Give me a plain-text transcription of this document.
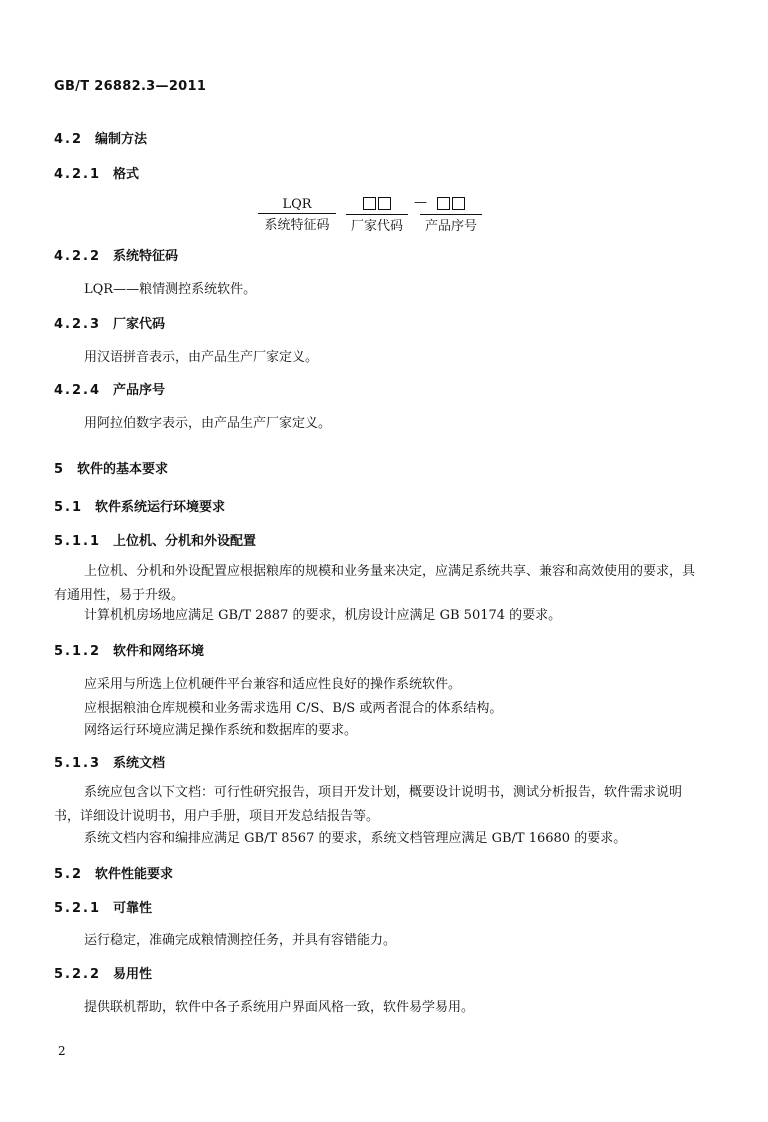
GB/T 26882.3—2011
4.2 编制方法
4.2.1 格式
LQR
系统特征码	厂家代码
—
产品序号
4.2.2 系统特征码
LQR——粮情测控系统软件。
4.2.3 厂家代码
用汉语拼音表示，由产品生产厂家定义。
4.2.4 产品序号
用阿拉伯数字表示，由产品生产厂家定义。
5 软件的基本要求
5.1 软件系统运行环境要求
5.1.1 上位机、分机和外设配置
上位机、分机和外设配置应根据粮库的规模和业务量来决定，应满足系统共享、兼容和高效使用的要求，具有通用性，易于升级。
计算机机房场地应满足 GB/T 2887 的要求，机房设计应满足 GB 50174 的要求。
5.1.2 软件和网络环境
应采用与所选上位机硬件平台兼容和适应性良好的操作系统软件。
应根据粮油仓库规模和业务需求选用 C/S、B/S 或两者混合的体系结构。
网络运行环境应满足操作系统和数据库的要求。
5.1.3 系统文档
系统应包含以下文档：可行性研究报告，项目开发计划，概要设计说明书，测试分析报告，软件需求说明书，详细设计说明书，用户手册，项目开发总结报告等。
系统文档内容和编排应满足 GB/T 8567 的要求，系统文档管理应满足 GB/T 16680 的要求。
5.2 软件性能要求
5.2.1 可靠性
运行稳定，准确完成粮情测控任务，并具有容错能力。
5.2.2 易用性
提供联机帮助，软件中各子系统用户界面风格一致，软件易学易用。
2
